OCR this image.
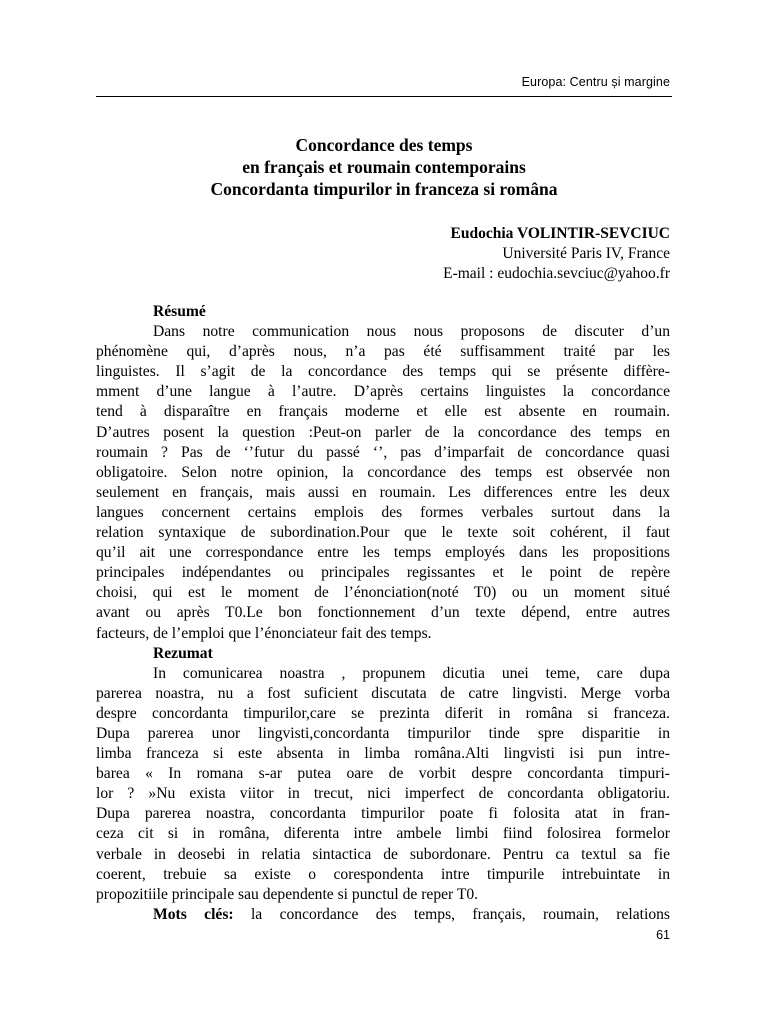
Europa: Centru și margine
Concordance des temps
en français et roumain contemporains
Concordanta timpurilor in franceza si româna
Eudochia VOLINTIR-SEVCIUC
Université Paris IV, France
E-mail : eudochia.sevciuc@yahoo.fr
Résumé

Dans notre communication nous nous proposons de discuter d’un

phénomène qui, d’après nous, n’a pas été suffisamment traité par les

linguistes. Il s’agit de la concordance des temps qui se présente diffère-

mment d’une langue à l’autre. D’après certains linguistes la concordance

tend à disparaître en français moderne et elle est absente en roumain.

D’autres posent la question :Peut-on parler de la concordance des temps en

roumain ? Pas de ‘’futur du passé ‘’, pas d’imparfait de concordance quasi

obligatoire. Selon notre opinion, la concordance des temps est observée non

seulement en français, mais aussi en roumain. Les differences entre les deux

langues concernent certains emplois des formes verbales surtout dans la

relation syntaxique de subordination.Pour que le texte soit cohérent, il faut

qu’il ait une correspondance entre les temps employés dans les propositions

principales indépendantes ou principales regissantes et le point de repère

choisi, qui est le moment de l’énonciation(noté T0) ou un moment situé

avant ou après T0.Le bon fonctionnement d’un texte dépend, entre autres

facteurs, de l’emploi que l’énonciateur fait des temps.

Rezumat

In comunicarea noastra , propunem dicutia unei teme, care dupa

parerea noastra, nu a fost suficient discutata de catre lingvisti. Merge vorba

despre concordanta timpurilor,care se prezinta diferit in româna si franceza.

Dupa parerea unor lingvisti,concordanta timpurilor tinde spre disparitie in

limba franceza si este absenta in limba româna.Alti lingvisti isi pun intre-

barea « In romana s-ar putea oare de vorbit despre concordanta timpuri-

lor ? »Nu exista viitor in trecut, nici imperfect de concordanta obligatoriu.

Dupa parerea noastra, concordanta timpurilor poate fi folosita atat in fran-

ceza cit si in româna, diferenta intre ambele limbi fiind folosirea formelor

verbale in deosebi in relatia sintactica de subordonare. Pentru ca textul sa fie

coerent, trebuie sa existe o corespondenta intre timpurile intrebuintate in

propozitiile principale sau dependente si punctul de reper T0.

Mots clés: la concordance des temps, français, roumain, relations

61
